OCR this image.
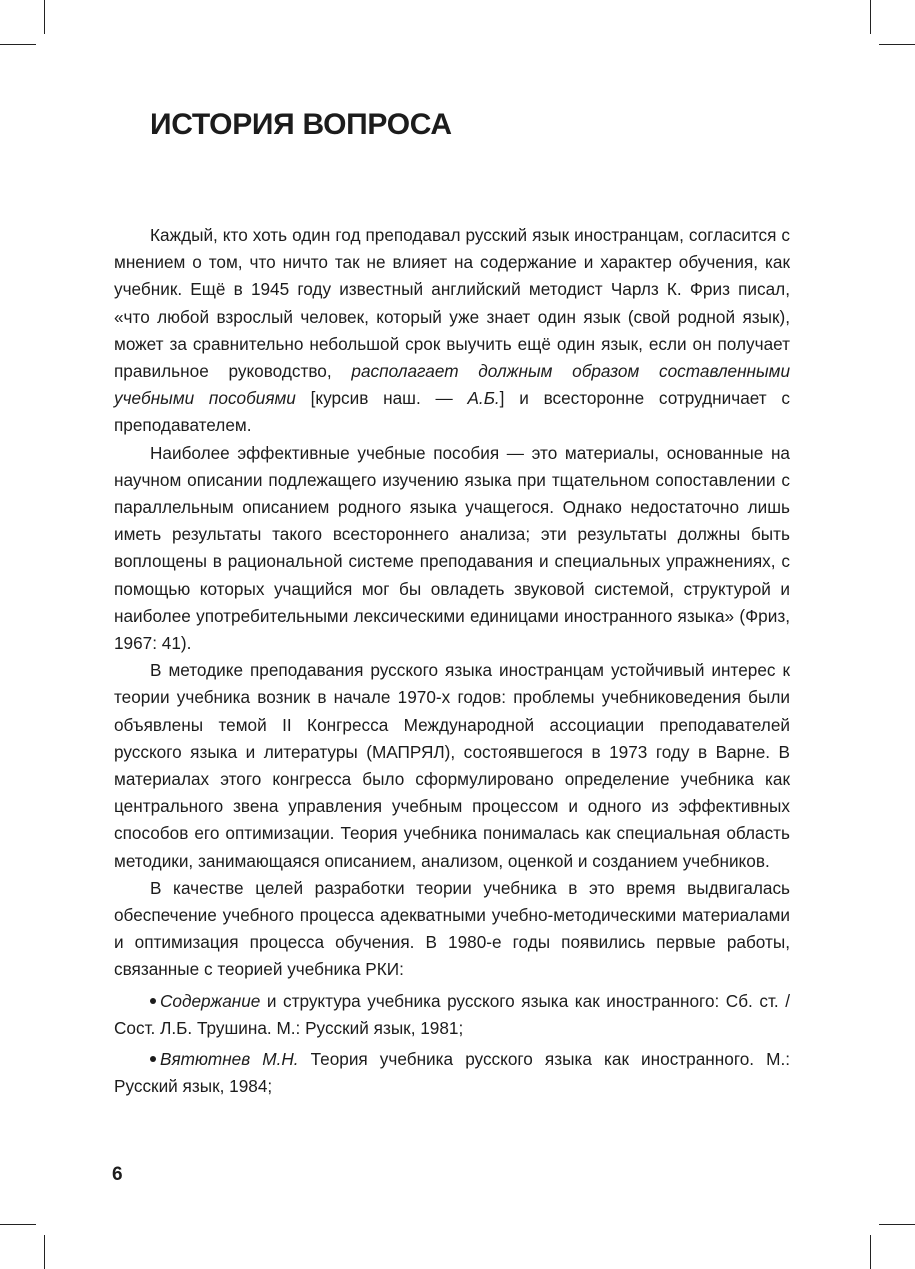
ИСТОРИЯ ВОПРОСА

Каждый, кто хоть один год преподавал русский язык иностранцам, согласится с мнением о том, что ничто так не влияет на содержание и характер обучения, как учебник. Ещё в 1945 году известный английский методист Чарлз К. Фриз писал, «что любой взрослый человек, который уже знает один язык (свой родной язык), может за сравнительно небольшой срок выучить ещё один язык, если он получает правильное руководство, располагает должным образом составленными учебными пособиями [курсив наш. — А.Б.] и всесторонне сотрудничает с преподавателем.

Наиболее эффективные учебные пособия — это материалы, основанные на научном описании подлежащего изучению языка при тщательном сопоставлении с параллельным описанием родного языка учащегося. Однако недостаточно лишь иметь результаты такого всестороннего анализа; эти результаты должны быть воплощены в рациональной системе преподавания и специальных упражнениях, с помощью которых учащийся мог бы овладеть звуковой системой, структурой и наиболее употребительными лексическими единицами иностранного языка» (Фриз, 1967: 41).

В методике преподавания русского языка иностранцам устойчивый интерес к теории учебника возник в начале 1970-х годов: проблемы учебниковедения были объявлены темой II Конгресса Международной ассоциации преподавателей русского языка и литературы (МАПРЯЛ), состоявшегося в 1973 году в Варне. В материалах этого конгресса было сформулировано определение учебника как центрального звена управления учебным процессом и одного из эффективных способов его оптимизации. Теория учебника понималась как специальная область методики, занимающаяся описанием, анализом, оценкой и созданием учебников.

В качестве целей разработки теории учебника в это время выдвигалась обеспечение учебного процесса адекватными учебно-методическими материалами и оптимизация процесса обучения. В 1980-е годы появились первые работы, связанные с теорией учебника РКИ:

Содержание и структура учебника русского языка как иностранного: Сб. ст. / Сост. Л.Б. Трушина. М.: Русский язык, 1981;

Вятютнев М.Н. Теория учебника русского языка как иностранного. М.: Русский язык, 1984;

6
